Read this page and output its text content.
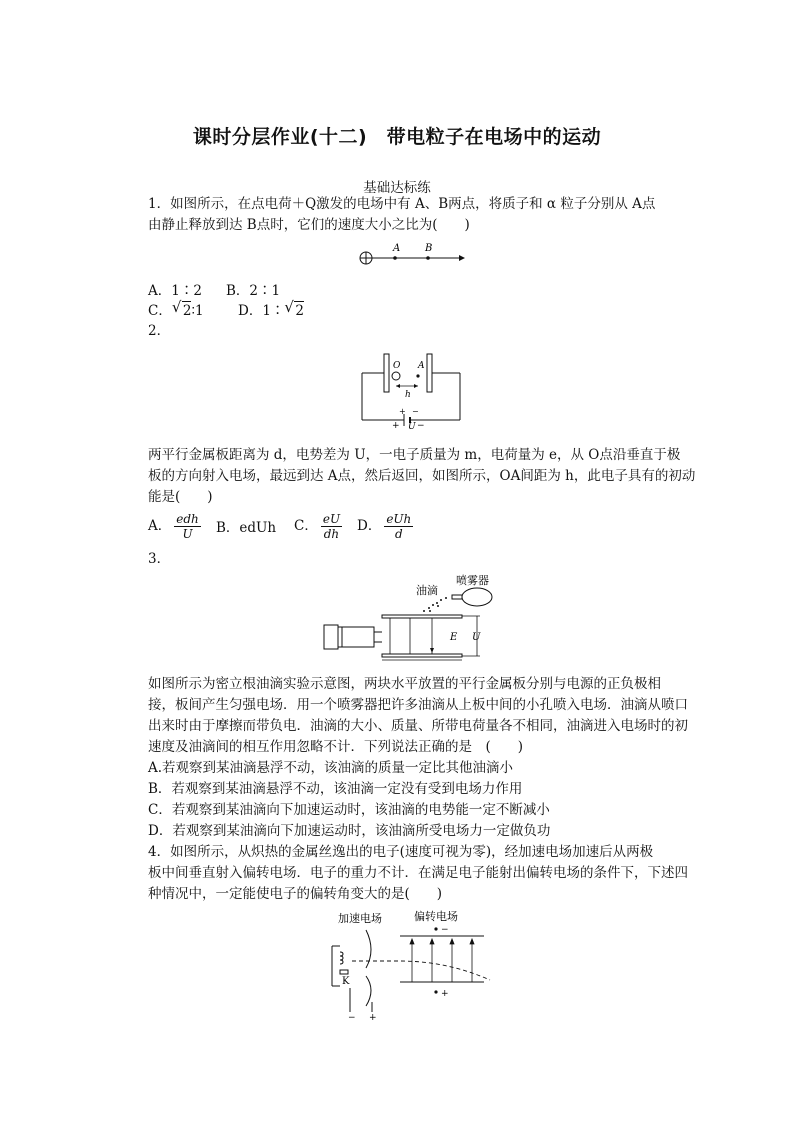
课时分层作业(十二)　带电粒子在电场中的运动
基础达标练
1．如图所示，在点电荷＋Q激发的电场中有 A、B两点，将质子和 α 粒子分别从 A点
由静止释放到达 B点时，它们的速度大小之比为(　　)
A B
A．1∶2 B．2∶1
C． √ 2∶1	D．1∶ √ 2
2．
O A
h
+ −
+ U −
两平行金属板距离为 d，电势差为 U，一电子质量为 m，电荷量为 e，从 O点沿垂直于极
板的方向射入电场，最远到达 A点，然后返回，如图所示，OA间距为 h，此电子具有的初动
能是(　　)
A． $\frac{\text{edh}}{U}$ B．edUh C． $\frac{eU}{dh}$ D． $\frac{\text{eUh}}{d}$
3．
油滴
喷雾器
E U
如图所示为密立根油滴实验示意图，两块水平放置的平行金属板分别与电源的正负极相
接，板间产生匀强电场．用一个喷雾器把许多油滴从上板中间的小孔喷入电场．油滴从喷口
出来时由于摩擦而带负电．油滴的大小、质量、所带电荷量各不相同，油滴进入电场时的初
速度及油滴间的相互作用忽略不计．下列说法正确的是　(　　)
A.若观察到某油滴悬浮不动，该油滴的质量一定比其他油滴小
B．若观察到某油滴悬浮不动，该油滴一定没有受到电场力作用
C．若观察到某油滴向下加速运动时，该油滴的电势能一定不断减小
D．若观察到某油滴向下加速运动时，该油滴所受电场力一定做负功
4．如图所示，从炽热的金属丝逸出的电子(速度可视为零)，经加速电场加速后从两极
板中间垂直射入偏转电场．电子的重力不计．在满足电子能射出偏转电场的条件下，下述四
种情况中，一定能使电子的偏转角变大的是(　　)
加速电场	偏转电场
K
− +
−
+
